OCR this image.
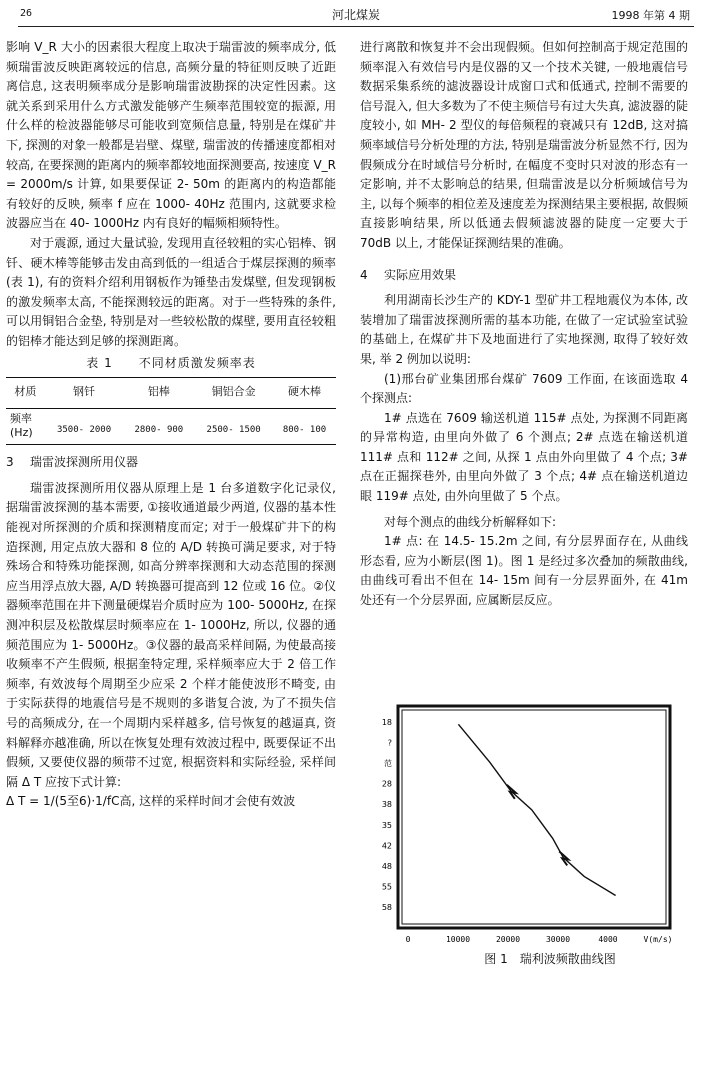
26	河北煤炭	1998 年第 4 期

影响 V_R 大小的因素很大程度上取决于瑞雷波的频率成分, 低频瑞雷波反映距离较远的信息, 高频分量的特征则反映了近距离信息, 这表明频率成分是影响瑞雷波勘探的决定性因素。这就关系到采用什么方式激发能够产生频率范围较宽的振源, 用什么样的检波器能够尽可能收到宽频信息量, 特别是在煤矿井下, 探测的对象一般都是岩壁、煤壁, 瑞雷波的传播速度都相对较高, 在要探测的距离内的频率都较地面探测要高, 按速度 V_R = 2000m/s 计算, 如果要保证 2- 50m 的距离内的构造都能有较好的反映, 频率 f 应在 1000- 40Hz 范围内, 这就要求检波器应当在 40- 1000Hz 内有良好的幅频相频特性。

对于震源, 通过大量试验, 发现用直径较粗的实心铝棒、钢钎、硬木棒等能够击发由高到低的一组适合于煤层探测的频率(表 1), 有的资料介绍利用钢板作为锤垫击发煤壁, 但发现钢板的激发频率太高, 不能探测较远的距离。对于一些特殊的条件, 可以用铜铝合金垫, 特别是对一些较松散的煤壁, 要用直径较粗的铝棒才能达到足够的探测距离。

表 1　　不同材质激发频率表
材质	钢钎	铝棒	铜铝合金	硬木棒
频率
(Hz)	3500- 2000	2800- 900	2500- 1500	800- 100
3 瑞雷波探测所用仪器

瑞雷波探测所用仪器从原理上是 1 台多道数字化记录仪, 据瑞雷波探测的基本需要, ①接收通道最少两道, 仪器的基本性能视对所探测的介质和探测精度而定; 对于一般煤矿井下的构造探测, 用定点放大器和 8 位的 A/D 转换可满足要求, 对于特殊场合和特殊功能探测, 如高分辨率探测和大动态范围的探测应当用浮点放大器, A/D 转换器可提高到 12 位或 16 位。②仪器频率范围在井下测量硬煤岩介质时应为 100- 5000Hz, 在探测冲积层及松散煤层时频率应在 1- 1000Hz, 所以, 仪器的通频范围应为 1- 5000Hz。③仪器的最高采样间隔, 为使最高接收频率不产生假频, 根据奎特定理, 采样频率应大于 2 倍工作频率, 有效波每个周期至少应采 2 个样才能使波形不畸变, 由于实际获得的地震信号是不规则的多谐复合波, 为了不损失信号的高频成分, 在一个周期内采样越多, 信号恢复的越逼真, 资料解释亦越准确, 所以在恢复处理有效波过程中, 既要保证不出假频, 又要使仪器的频带不过宽, 根据资料和实际经验, 采样间隔 Δ T 应按下式计算:

Δ T = 1/(5至6)·1/fC高, 这样的采样时间才会使有效波

进行离散和恢复并不会出现假频。但如何控制高于规定范围的频率混入有效信号内是仪器的又一个技术关键, 一般地震信号数据采集系统的滤波器设计成窗口式和低通式, 控制不需要的信号混入, 但大多数为了不使主频信号有过大失真, 滤波器的陡度较小, 如 MH- 2 型仪的每倍频程的衰减只有 12dB, 这对搞频率域信号分析处理的方法, 特别是瑞雷波分析显然不行, 因为假频成分在时域信号分析时, 在幅度不变时只对波的形态有一定影响, 并不太影响总的结果, 但瑞雷波是以分析频域信号为主, 以每个频率的相位差及速度差为探测结果主要根据, 故假频直接影响结果, 所以低通去假频滤波器的陡度一定要大于 70dB 以上, 才能保证探测结果的准确。

4 实际应用效果

利用湖南长沙生产的 KDY-1 型矿井工程地震仪为本体, 改装增加了瑞雷波探测所需的基本功能, 在做了一定试验室试验的基础上, 在煤矿井下及地面进行了实地探测, 取得了较好效果, 举 2 例加以说明:

(1)邢台矿业集团邢台煤矿 7609 工作面, 在该面选取 4 个探测点:

1# 点选在 7609 输送机道 115# 点处, 为探测不同距离的异常构造, 由里向外做了 6 个测点; 2# 点选在输送机道 111# 点和 112# 之间, 从探 1 点由外向里做了 4 个点; 3# 点在正掘探巷外, 由里向外做了 3 个点; 4# 点在输送机道边眼 119# 点处, 由外向里做了 5 个点。

对每个测点的曲线分析解释如下:

1# 点: 在 14.5- 15.2m 之间, 有分层界面存在, 从曲线形态看, 应为小断层(图 1)。图 1 是经过多次叠加的频散曲线, 由曲线可看出不但在 14- 15m 间有一分层界面外, 在 41m 处还有一个分层界面, 应属断层反应。

18
?
范
28
38
35
42
48
55
58
0	10000	20000	30000	4000	V(m/s)
图 1　瑞利波频散曲线图
